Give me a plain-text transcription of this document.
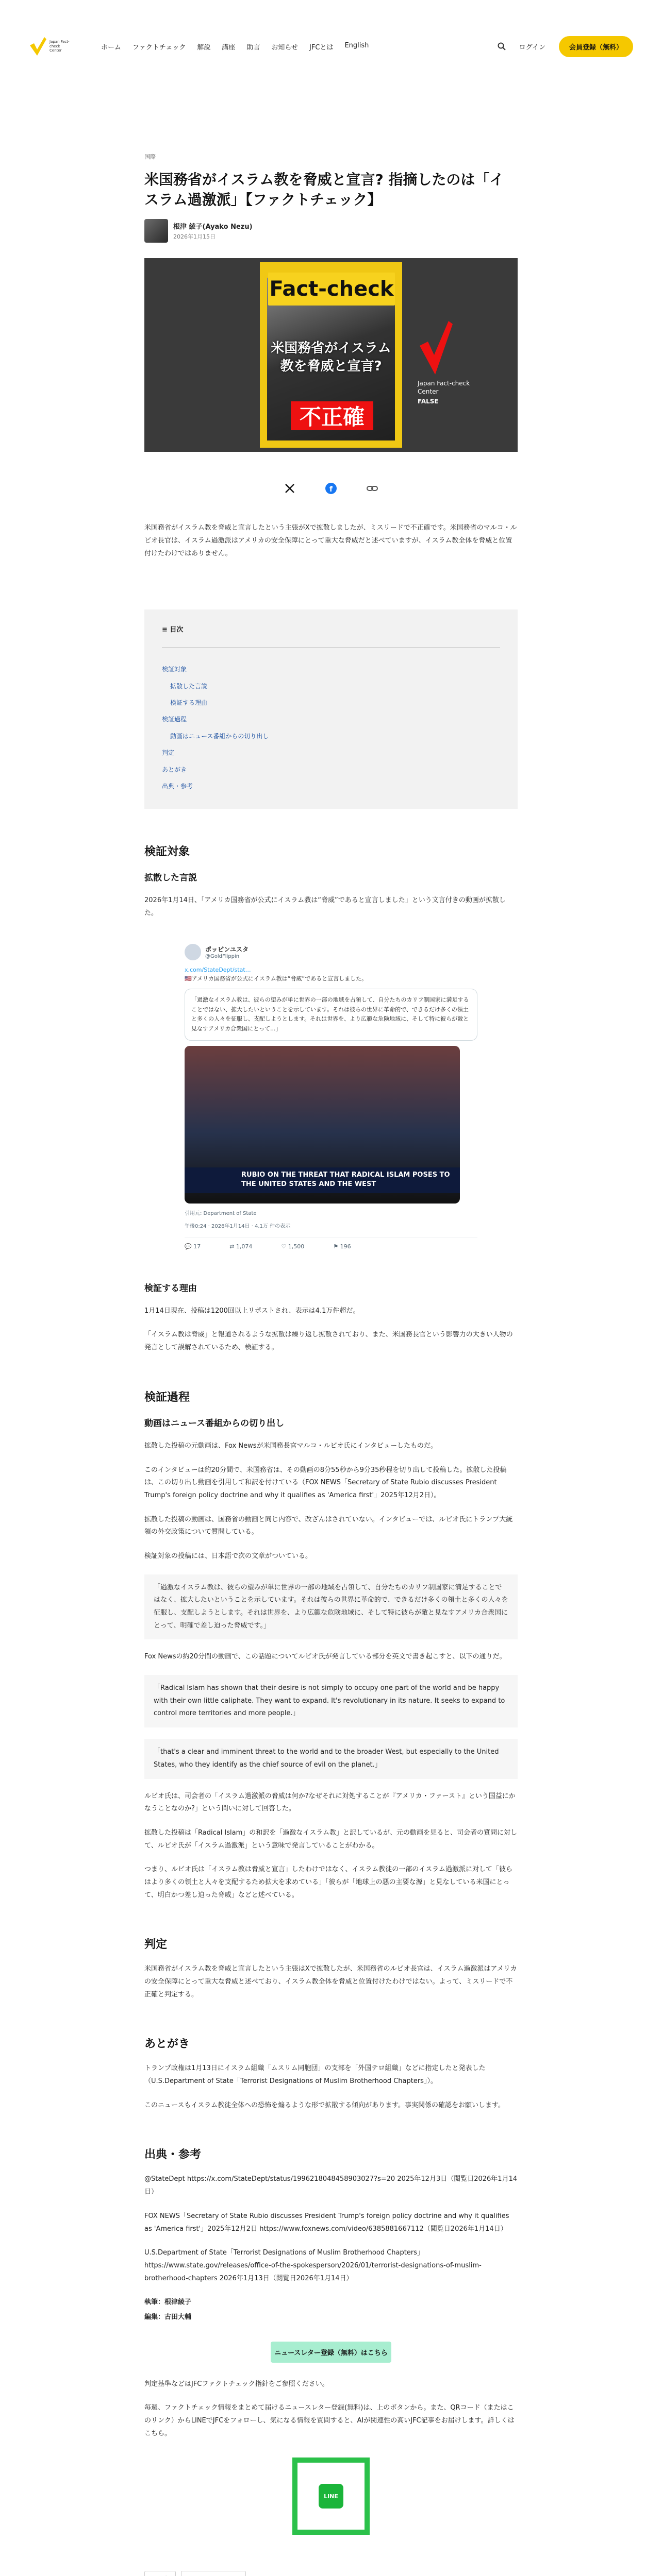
Japan Fact-check Center	ホーム ファクトチェック 解説 講座 助言 お知らせ JFCとは English	ログイン	会員登録（無料）
国際
米国務省がイスラム教を脅威と宣言? 指摘したのは「イスラム過激派」【ファクトチェック】
根津 綾子(Ayako Nezu)
2026年1月15日
Fact-check
米国務省がイスラム教を脅威と宣言?
不正確
Japan Fact-check Center
FALSE
f

米国務省がイスラム教を脅威と宣言したという主張がXで拡散しましたが、ミスリードで不正確です。米国務省のマルコ・ルビオ長官は、イスラム過激派はアメリカの安全保障にとって重大な脅威だと述べていますが、イスラム教全体を脅威と位置付けたわけではありません。

≡ 目次
検証対象
拡散した言説
検証する理由
検証過程
動画はニュース番組からの切り出し
判定
あとがき
出典・参考
検証対象
拡散した言説

2026年1月14日、「アメリカ国務省が公式にイスラム教は“脅威”であると宣言しました」という文言付きの動画が拡散した。

ポッピンユスタ
@GoldFlippin
x.com/StateDept/stat…
🇺🇸アメリカ国務省が公式にイスラム教は“脅威”であると宣言しました。
「過激なイスラム教は、彼らの望みが単に世界の一部の地域を占領して、自分たちのカリフ制国家に満足することではない、拡大したいということを示しています。それは彼らの世界に革命的で、できるだけ多くの領土と多くの人々を征服し、支配しようとします。それは世界を、より広範な危険地域に、そして特に彼らが敵と見なすアメリカ合衆国にとって...」
RUBIO ON THE THREAT THAT RADICAL ISLAM POSES TO THE UNITED STATES AND THE WEST
引用元: Department of State
午後0:24 · 2026年1月14日 · 4.1万 件の表示
💬 17	⇄ 1,074	♡ 1,500	⚑ 196
検証する理由

1月14日現在、投稿は1200回以上リポストされ、表示は4.1万件超だ。

「イスラム教は脅威」と報道されるような拡散は繰り返し拡散されており、また、米国務長官という影響力の大きい人物の発言として誤解されているため、検証する。

検証過程
動画はニュース番組からの切り出し

拡散した投稿の元動画は、Fox Newsが米国務長官マルコ・ルビオ氏にインタビューしたものだ。

このインタビューは約20分間で、米国務省は、その動画の8分55秒から9分35秒程を切り出して投稿した。拡散した投稿は、この切り出し動画を引用して和訳を付けている（FOX NEWS「Secretary of State Rubio discusses President Trump's foreign policy doctrine and why it qualifies as 'America first'」2025年12月2日）。

拡散した投稿の動画は、国務省の動画と同じ内容で、改ざんはされていない。インタビューでは、ルビオ氏にトランプ大統領の外交政策について質問している。

検証対象の投稿には、日本語で次の文章がついている。

「過激なイスラム教は、彼らの望みが単に世界の一部の地域を占領して、自分たちのカリフ制国家に満足することではなく、拡大したいということを示しています。それは彼らの世界に革命的で、できるだけ多くの領土と多くの人々を征服し、支配しようとします。それは世界を、より広範な危険地域に、そして特に彼らが敵と見なすアメリカ合衆国にとって、明確で差し迫った脅威です。」

Fox Newsの約20分間の動画で、この話題についてルビオ氏が発言している部分を英文で書き起こすと、以下の通りだ。

「Radical Islam has shown that their desire is not simply to occupy one part of the world and be happy with their own little caliphate. They want to expand. It's revolutionary in its nature. It seeks to expand to control more territories and more people.」
「that's a clear and imminent threat to the world and to the broader West, but especially to the United States, who they identify as the chief source of evil on the planet.」

ルビオ氏は、司会者の「イスラム過激派の脅威は何か?なぜそれに対処することが『アメリカ・ファースト』という国益にかなうことなのか?」という問いに対して回答した。

拡散した投稿は「Radical Islam」の和訳を「過激なイスラム教」と訳しているが、元の動画を見ると、司会者の質問に対して、ルビオ氏が「イスラム過激派」という意味で発言していることがわかる。

つまり、ルビオ氏は「イスラム教は脅威と宣言」したわけではなく、イスラム教徒の一部のイスラム過激派に対して「彼らはより多くの領土と人々を支配するため拡大を求めている」「彼らが「地球上の悪の主要な源」と見なしている米国にとって、明白かつ差し迫った脅威」などと述べている。

判定

米国務省がイスラム教を脅威と宣言したという主張はXで拡散したが、米国務省のルビオ長官は、イスラム過激派はアメリカの安全保障にとって重大な脅威と述べており、イスラム教全体を脅威と位置付けたわけではない。よって、ミスリードで不正確と判定する。

あとがき

トランプ政権は1月13日にイスラム組織「ムスリム同胞団」の支部を「外国テロ組織」などに指定したと発表した（U.S.Department of State「Terrorist Designations of Muslim Brotherhood Chapters」）。

このニュースもイスラム教徒全体への恐怖を煽るような形で拡散する傾向があります。事実関係の確認をお願いします。

出典・参考

@StateDept https://x.com/StateDept/status/1996218048458903027?s=20 2025年12月3日（閲覧日2026年1月14日）

FOX NEWS「Secretary of State Rubio discusses President Trump's foreign policy doctrine and why it qualifies as 'America first'」2025年12月2日 https://www.foxnews.com/video/6385881667112（閲覧日2026年1月14日）

U.S.Department of State「Terrorist Designations of Muslim Brotherhood Chapters」https://www.state.gov/releases/office-of-the-spokesperson/2026/01/terrorist-designations-of-muslim-brotherhood-chapters 2026年1月13日（閲覧日2026年1月14日）

執筆：根津綾子

編集：古田大輔

ニュースレター登録（無料）はこちら

判定基準などはJFCファクトチェック指針をご参照ください。

毎週、ファクトチェック情報をまとめて届けるニュースレター登録(無料)は、上のボタンから。また、QRコード（またはこのリンク）からLINEでJFCをフォローし、気になる情報を質問すると、AIが関連性の高いJFC記事をお届けします。詳しくはこちら。

LINE
